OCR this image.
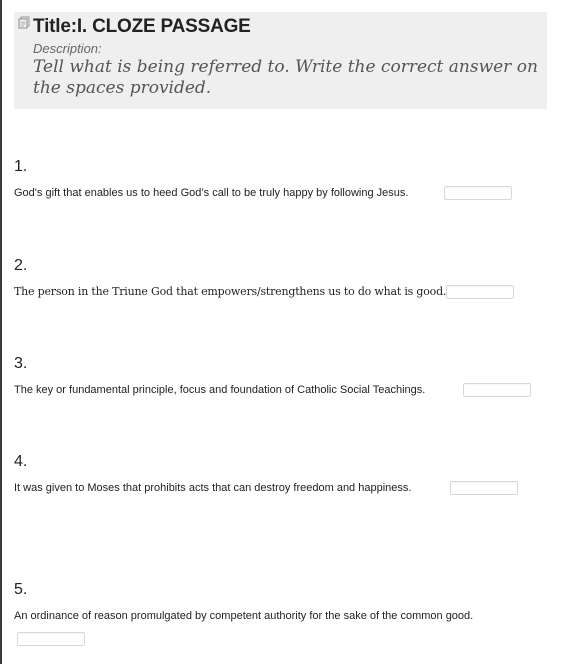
Title:I. CLOZE PASSAGE
Description:
Tell what is being referred to. Write the correct answer on the spaces provided.
1.
God's gift that enables us to heed God’s call to be truly happy by following Jesus.
2.
The person in the Triune God that empowers/strengthens us to do what is good.
3.
The key or fundamental principle, focus and foundation of Catholic Social Teachings.
4.
It was given to Moses that prohibits acts that can destroy freedom and happiness.
5.
An ordinance of reason promulgated by competent authority for the sake of the common good.
